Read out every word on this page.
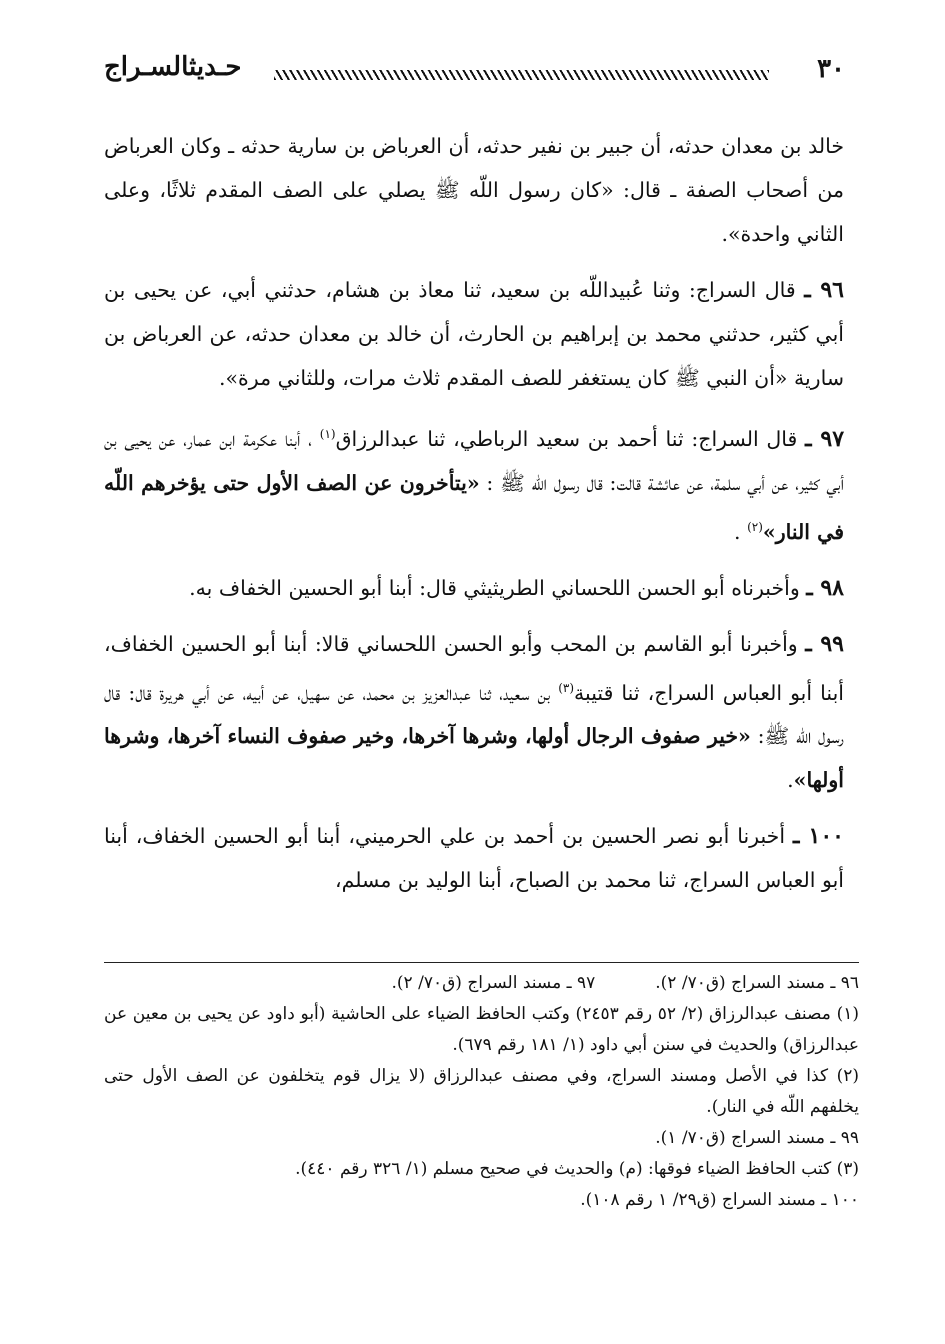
٣٠
حـديثالسـراج

خالد بن معدان حدثه، أن جبير بن نفير حدثه، أن العرباض بن سارية حدثه ـ وكان العرباض من أصحاب الصفة ـ قال: «كان رسول اللّه ﷺ يصلي على الصف المقدم ثلاثًا، وعلى الثاني واحدة».

٩٦ ـ قال السراج: وثنا عُبيداللّه بن سعيد، ثنا معاذ بن هشام، حدثني أبي، عن يحيى بن أبي كثير، حدثني محمد بن إبراهيم بن الحارث، أن خالد بن معدان حدثه، عن العرباض بن سارية «أن النبي ﷺ كان يستغفر للصف المقدم ثلاث مرات، وللثاني مرة».

٩٧ ـ قال السراج: ثنا أحمد بن سعيد الرباطي، ثنا عبدالرزاق$^{(١)}$ ، أبنا عكرمة ابن عمار، عن يحيى بن أبي كثير، عن أبي سلمة، عن عائشة قالت: قال رسول اللّه ﷺ : «يتأخرون عن الصف الأول حتى يؤخرهم اللّه في النار»$^{(٢)}$ .

٩٨ ـ وأخبرناه أبو الحسن اللحساني الطريثيثي قال: أبنا أبو الحسين الخفاف به.

٩٩ ـ وأخبرنا أبو القاسم بن المحب وأبو الحسن اللحساني قالا: أبنا أبو الحسين الخفاف، أبنا أبو العباس السراج، ثنا قتيبة$^{(٣)}$ بن سعيد، ثنا عبدالعزيز بن محمد، عن سهيل، عن أبيه، عن أبي هريرة قال: قال رسول اللّه ﷺ: «خير صفوف الرجال أولها، وشرها آخرها، وخير صفوف النساء آخرها، وشرها أولها».

١٠٠ ـ أخبرنا أبو نصر الحسين بن أحمد بن علي الحرميني، أبنا أبو الحسين الخفاف، أبنا أبو العباس السراج، ثنا محمد بن الصباح، أبنا الوليد بن مسلم،

٩٦ ـ مسند السراج (ق٧٠/ ٢).
٩٧ ـ مسند السراج (ق٧٠/ ٢).

(١) مصنف عبدالرزاق (٢/ ٥٢ رقم ٢٤٥٣) وكتب الحافظ الضياء على الحاشية (أبو داود عن يحيى بن معين عن عبدالرزاق) والحديث في سنن أبي داود (١/ ١٨١ رقم ٦٧٩).

(٢) كذا في الأصل ومسند السراج، وفي مصنف عبدالرزاق (لا يزال قوم يتخلفون عن الصف الأول حتى يخلفهم اللّه في النار).

٩٩ ـ مسند السراج (ق٧٠/ ١).

(٣) كتب الحافظ الضياء فوقها: (م) والحديث في صحيح مسلم (١/ ٣٢٦ رقم ٤٤٠).

١٠٠ ـ مسند السراج (ق٢٩/ ١ رقم ١٠٨).
